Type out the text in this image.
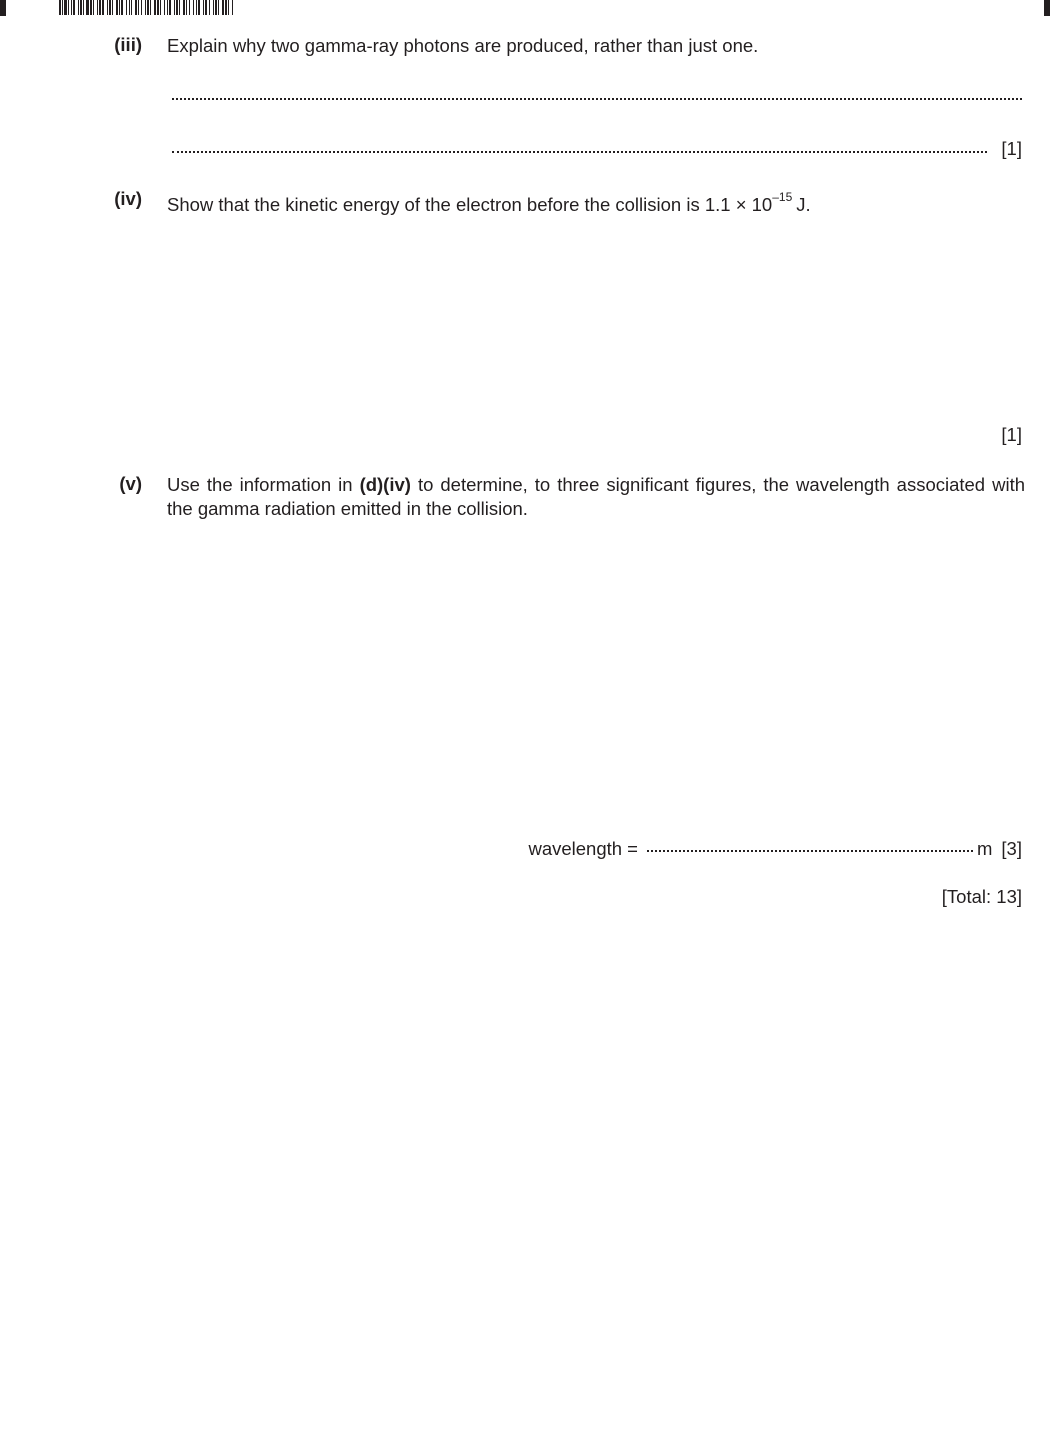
(iii) Explain why two gamma-ray photons are produced, rather than just one.
[1]
(iv) Show that the kinetic energy of the electron before the collision is $1.1 \times 10^{-15}$ J.
[1]
(v) Use the information in (d)(iv) to determine, to three significant figures, the wavelength associated with the gamma radiation emitted in the collision.
wavelength =	m [3]
[Total: 13]
